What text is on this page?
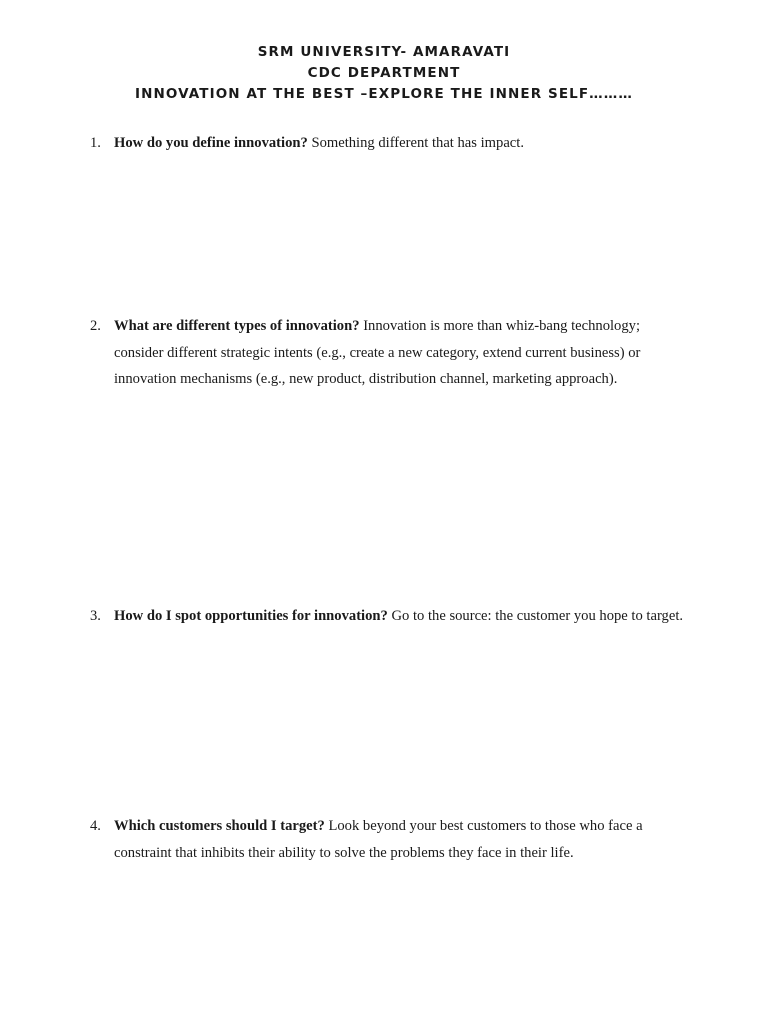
SRM UNIVERSITY- AMARAVATI
CDC DEPARTMENT
INNOVATION AT THE BEST –EXPLORE THE INNER SELF………
1. How do you define innovation? Something different that has impact.
2. What are different types of innovation? Innovation is more than whiz-bang technology; consider different strategic intents (e.g., create a new category, extend current business) or innovation mechanisms (e.g., new product, distribution channel, marketing approach).
3. How do I spot opportunities for innovation? Go to the source: the customer you hope to target.
4. Which customers should I target? Look beyond your best customers to those who face a constraint that inhibits their ability to solve the problems they face in their life.
